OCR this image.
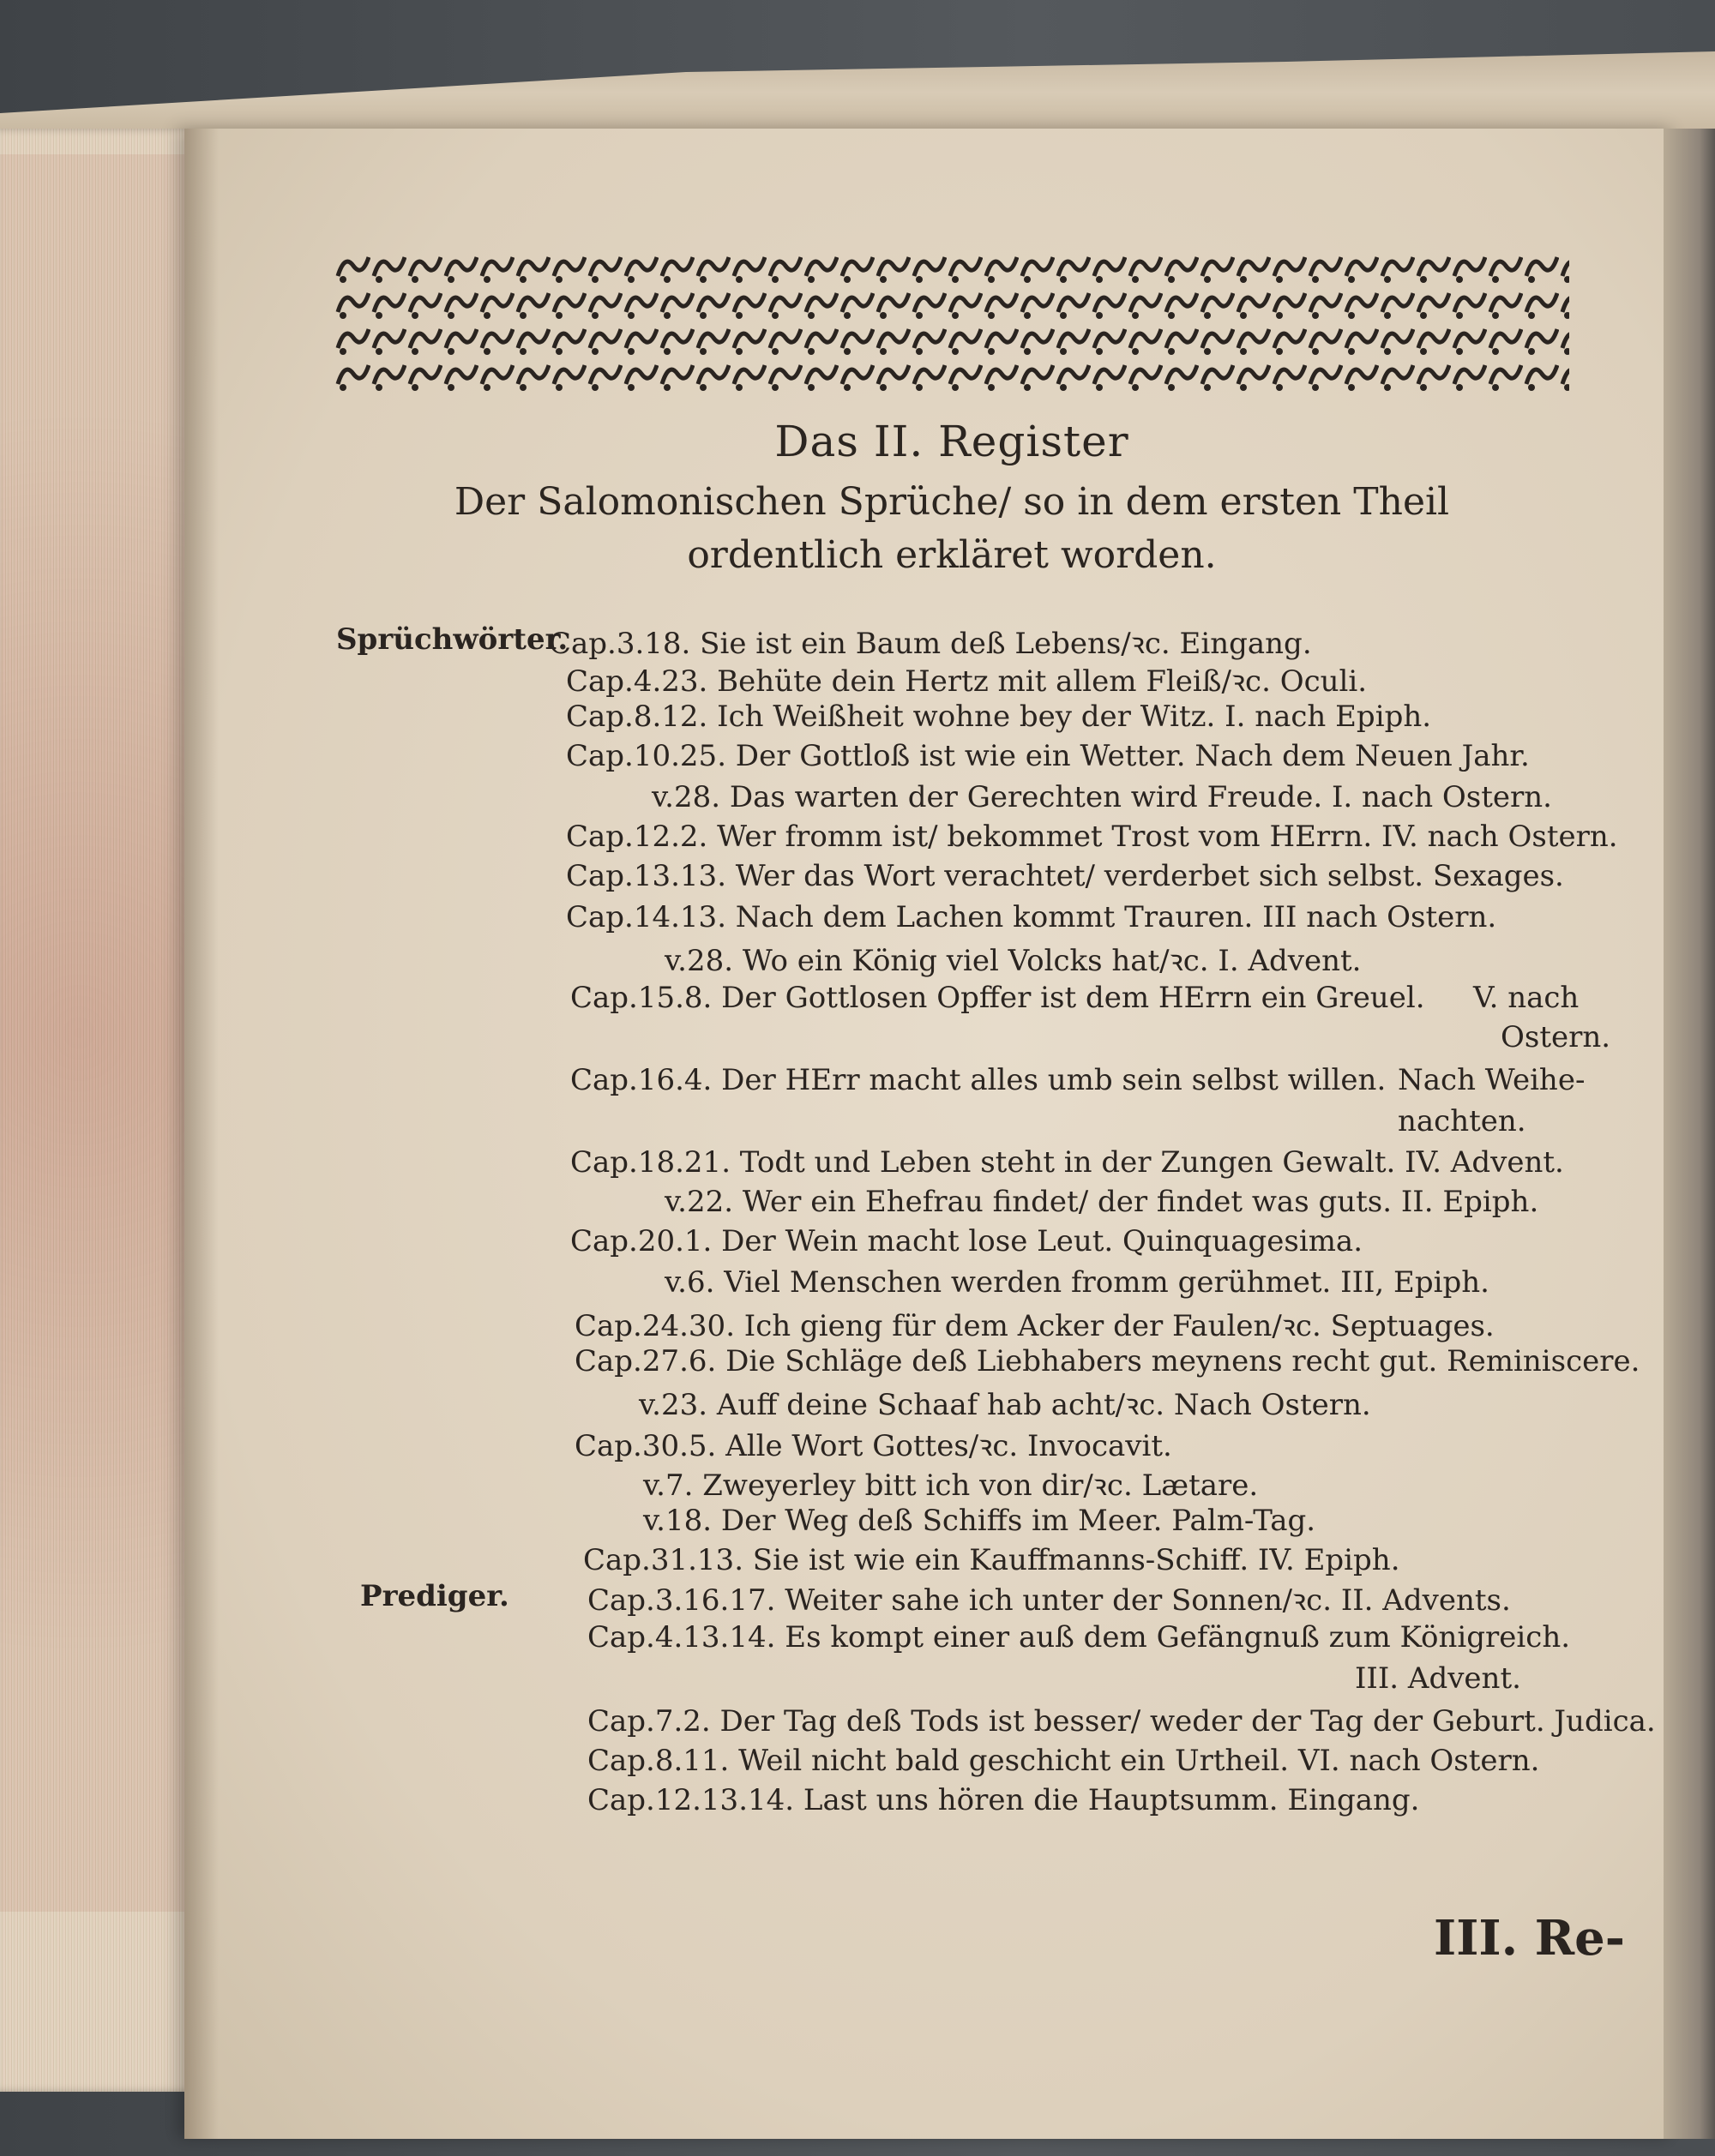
Das II. Register
Der Salomonischen Sprüche/ so in dem ersten Theil
ordentlich erkläret worden.
Sprüchwörter.
Prediger.
Cap.3.18. Sie ist ein Baum deß Lebens/ꝛc. Eingang.
Cap.4.23. Behüte dein Hertz mit allem Fleiß/ꝛc. Oculi.
Cap.8.12. Ich Weißheit wohne bey der Witz. I. nach Epiph.
Cap.10.25. Der Gottloß ist wie ein Wetter. Nach dem Neuen Jahr.
v.28. Das warten der Gerechten wird Freude. I. nach Ostern.
Cap.12.2. Wer fromm ist/ bekommet Trost vom HErrn. IV. nach Ostern.
Cap.13.13. Wer das Wort verachtet/ verderbet sich selbst. Sexages.
Cap.14.13. Nach dem Lachen kommt Trauren. III nach Ostern.
v.28. Wo ein König viel Volcks hat/ꝛc. I. Advent.
Cap.15.8. Der Gottlosen Opffer ist dem HErrn ein Greuel. V. nach
Ostern.
Cap.16.4. Der HErr macht alles umb sein selbst willen. Nach Weihe-
nachten.
Cap.18.21. Todt und Leben steht in der Zungen Gewalt. IV. Advent.
v.22. Wer ein Ehefrau findet/ der findet was guts. II. Epiph.
Cap.20.1. Der Wein macht lose Leut. Quinquagesima.
v.6. Viel Menschen werden fromm gerühmet. III, Epiph.
Cap.24.30. Ich gieng für dem Acker der Faulen/ꝛc. Septuages.
Cap.27.6. Die Schläge deß Liebhabers meynens recht gut. Reminiscere.
v.23. Auff deine Schaaf hab acht/ꝛc. Nach Ostern.
Cap.30.5. Alle Wort Gottes/ꝛc. Invocavit.
v.7. Zweyerley bitt ich von dir/ꝛc. Lætare.
v.18. Der Weg deß Schiffs im Meer. Palm-Tag.
Cap.31.13. Sie ist wie ein Kauffmanns-Schiff. IV. Epiph.
Cap.3.16.17. Weiter sahe ich unter der Sonnen/ꝛc. II. Advents.
Cap.4.13.14. Es kompt einer auß dem Gefängnuß zum Königreich.
III. Advent.
Cap.7.2. Der Tag deß Tods ist besser/ weder der Tag der Geburt. Judica.
Cap.8.11. Weil nicht bald geschicht ein Urtheil. VI. nach Ostern.
Cap.12.13.14. Last uns hören die Hauptsumm. Eingang.
III. Re-
